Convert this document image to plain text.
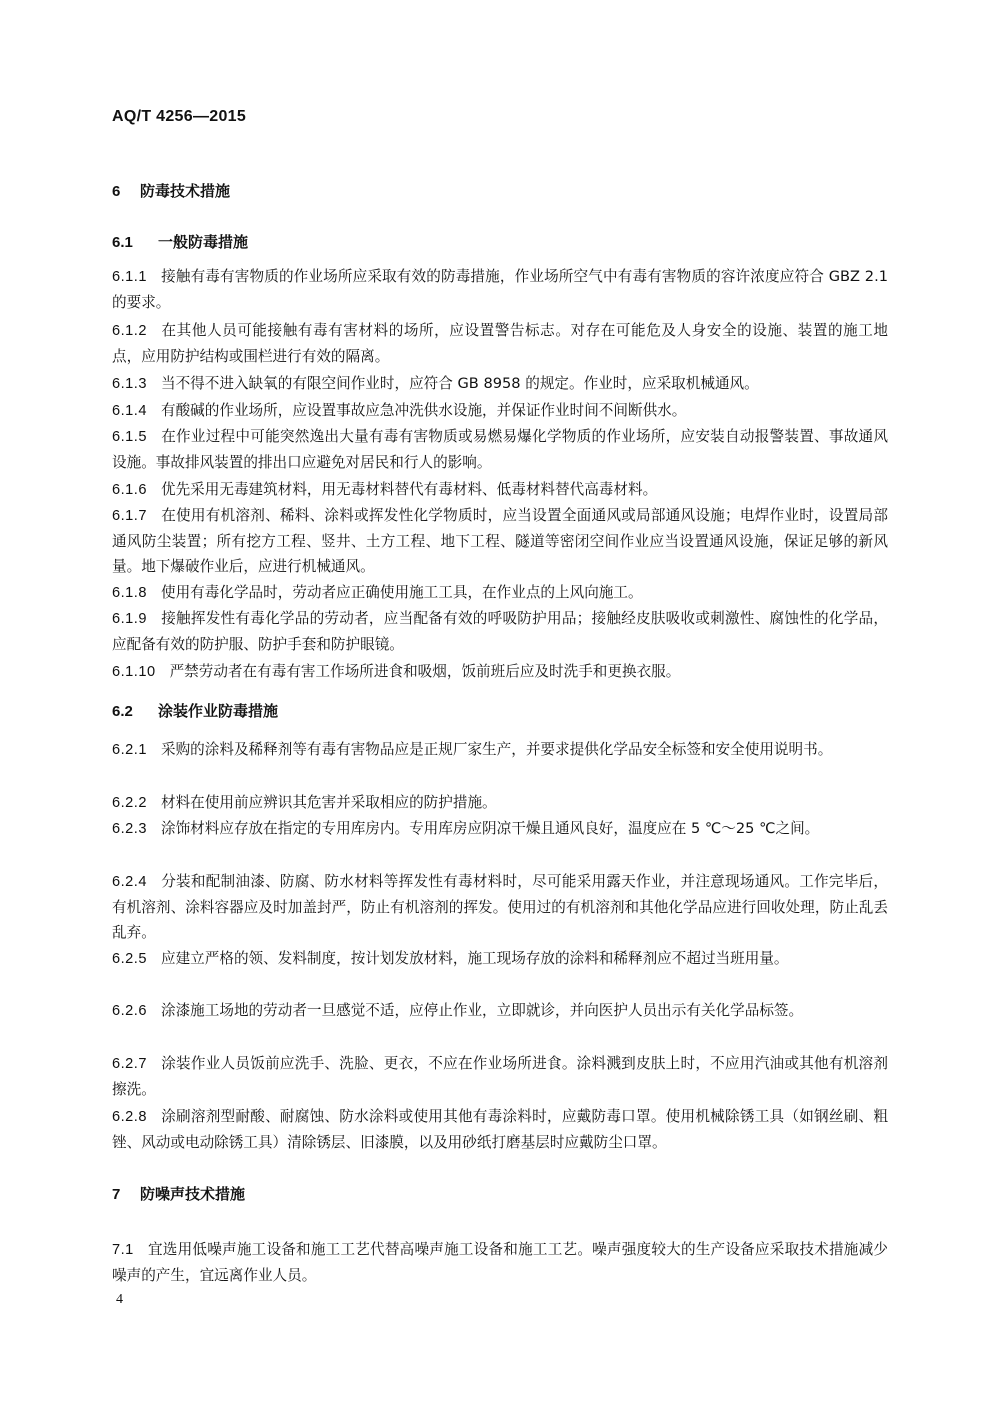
AQ/T 4256—2015
6 防毒技术措施
6.1 一般防毒措施
6.1.1 接触有毒有害物质的作业场所应采取有效的防毒措施，作业场所空气中有毒有害物质的容许浓度应符合 GBZ 2.1 的要求。
6.1.2 在其他人员可能接触有毒有害材料的场所，应设置警告标志。对存在可能危及人身安全的设施、装置的施工地点，应用防护结构或围栏进行有效的隔离。
6.1.3 当不得不进入缺氧的有限空间作业时，应符合 GB 8958 的规定。作业时，应采取机械通风。
6.1.4 有酸碱的作业场所，应设置事故应急冲洗供水设施，并保证作业时间不间断供水。
6.1.5 在作业过程中可能突然逸出大量有毒有害物质或易燃易爆化学物质的作业场所，应安装自动报警装置、事故通风设施。事故排风装置的排出口应避免对居民和行人的影响。
6.1.6 优先采用无毒建筑材料，用无毒材料替代有毒材料、低毒材料替代高毒材料。
6.1.7 在使用有机溶剂、稀料、涂料或挥发性化学物质时，应当设置全面通风或局部通风设施；电焊作业时，设置局部通风防尘装置；所有挖方工程、竖井、土方工程、地下工程、隧道等密闭空间作业应当设置通风设施，保证足够的新风量。地下爆破作业后，应进行机械通风。
6.1.8 使用有毒化学品时，劳动者应正确使用施工工具，在作业点的上风向施工。
6.1.9 接触挥发性有毒化学品的劳动者，应当配备有效的呼吸防护用品；接触经皮肤吸收或刺激性、腐蚀性的化学品，应配备有效的防护服、防护手套和防护眼镜。
6.1.10 严禁劳动者在有毒有害工作场所进食和吸烟，饭前班后应及时洗手和更换衣服。
6.2 涂装作业防毒措施
6.2.1 采购的涂料及稀释剂等有毒有害物品应是正规厂家生产，并要求提供化学品安全标签和安全使用说明书。
6.2.2 材料在使用前应辨识其危害并采取相应的防护措施。
6.2.3 涂饰材料应存放在指定的专用库房内。专用库房应阴凉干燥且通风良好，温度应在 5 ℃～25 ℃之间。
6.2.4 分装和配制油漆、防腐、防水材料等挥发性有毒材料时，尽可能采用露天作业，并注意现场通风。工作完毕后，有机溶剂、涂料容器应及时加盖封严，防止有机溶剂的挥发。使用过的有机溶剂和其他化学品应进行回收处理，防止乱丢乱弃。
6.2.5 应建立严格的领、发料制度，按计划发放材料，施工现场存放的涂料和稀释剂应不超过当班用量。
6.2.6 涂漆施工场地的劳动者一旦感觉不适，应停止作业，立即就诊，并向医护人员出示有关化学品标签。
6.2.7 涂装作业人员饭前应洗手、洗脸、更衣，不应在作业场所进食。涂料溅到皮肤上时，不应用汽油或其他有机溶剂擦洗。
6.2.8 涂刷溶剂型耐酸、耐腐蚀、防水涂料或使用其他有毒涂料时，应戴防毒口罩。使用机械除锈工具（如钢丝刷、粗锉、风动或电动除锈工具）清除锈层、旧漆膜，以及用砂纸打磨基层时应戴防尘口罩。
7 防噪声技术措施
7.1 宜选用低噪声施工设备和施工工艺代替高噪声施工设备和施工工艺。噪声强度较大的生产设备应采取技术措施减少噪声的产生，宜远离作业人员。
4
